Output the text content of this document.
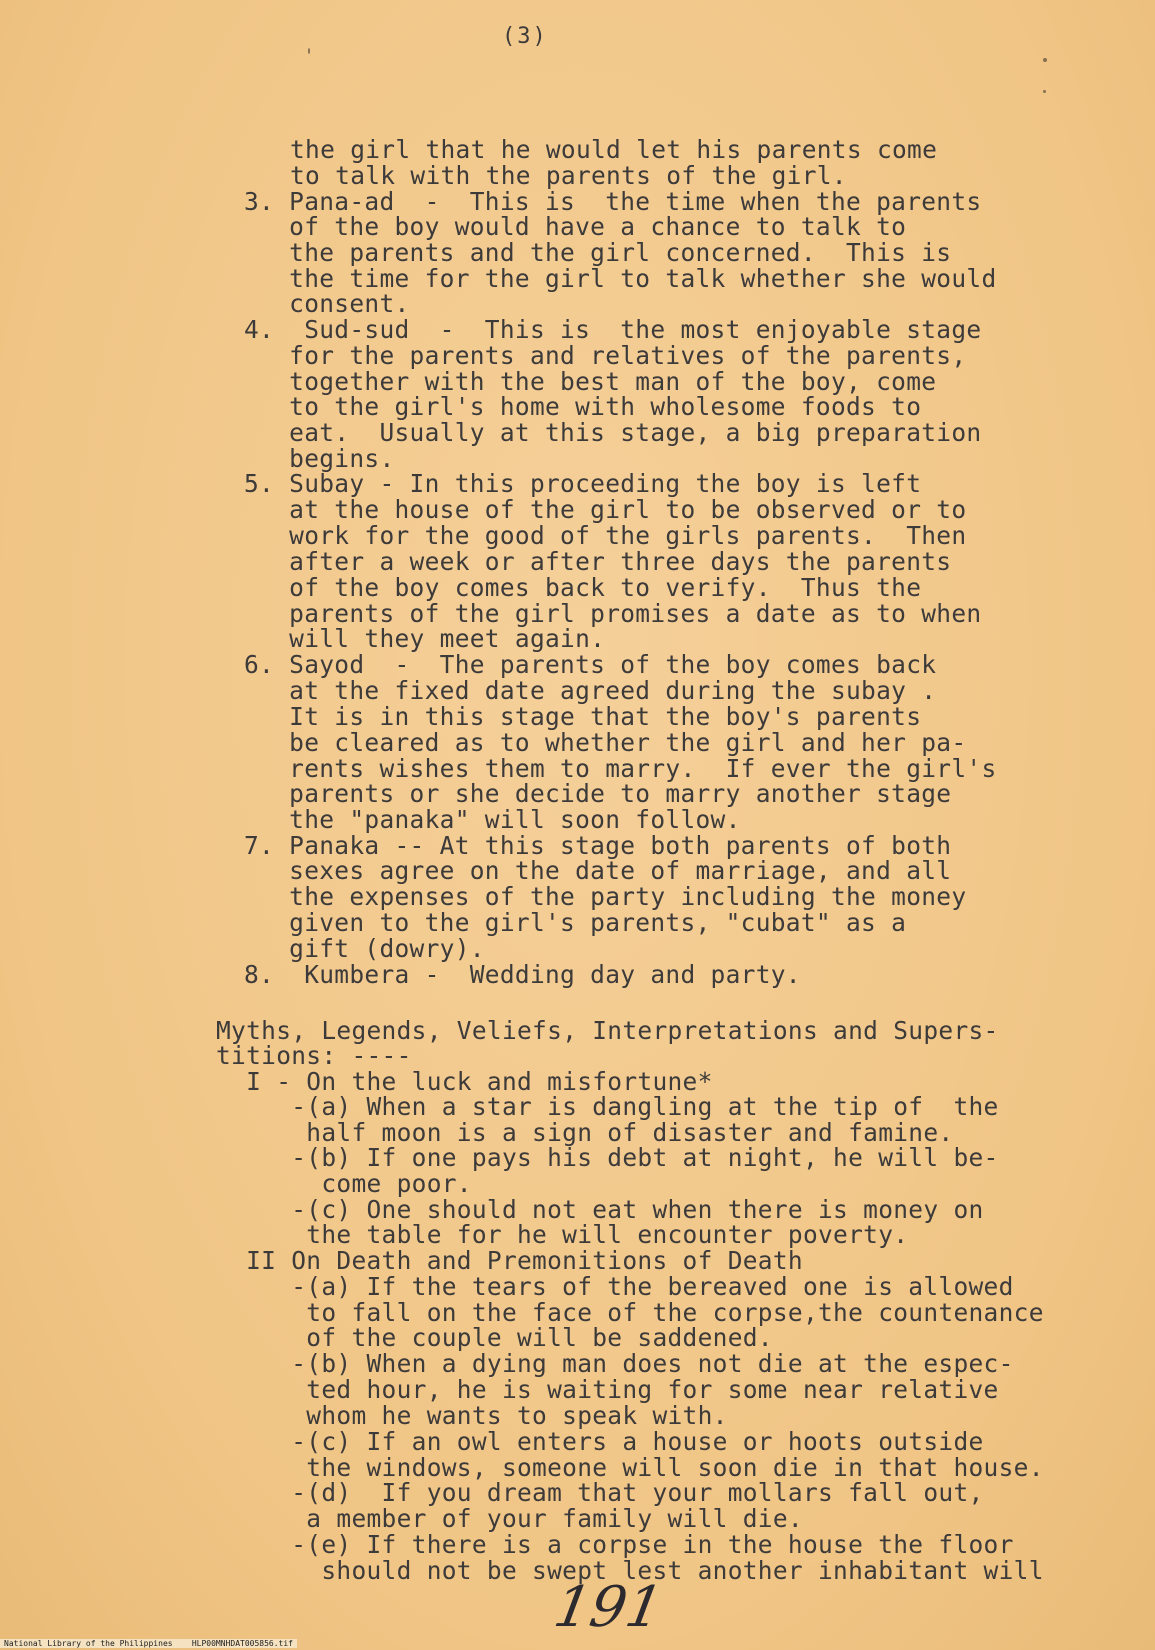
(3)
the girl that he would let his parents come
to talk with the parents of the girl.
3. Pana-ad  -  This is  the time when the parents
of the boy would have a chance to talk to
the parents and the girl concerned.  This is
the time for the girl to talk whether she would
consent.
4.  Sud-sud  -  This is  the most enjoyable stage
for the parents and relatives of the parents,
together with the best man of the boy, come
to the girl's home with wholesome foods to
eat.  Usually at this stage, a big preparation
begins.
5. Subay - In this proceeding the boy is left
at the house of the girl to be observed or to
work for the good of the girls parents.  Then
after a week or after three days the parents
of the boy comes back to verify.  Thus the
parents of the girl promises a date as to when
will they meet again.
6. Sayod  -  The parents of the boy comes back
at the fixed date agreed during the subay .
It is in this stage that the boy's parents
be cleared as to whether the girl and her pa-
rents wishes them to marry.  If ever the girl's
parents or she decide to marry another stage
the "panaka" will soon follow.
7. Panaka -- At this stage both parents of both
sexes agree on the date of marriage, and all
the expenses of the party including the money
given to the girl's parents, "cubat" as a
gift (dowry).
8.  Kumbera -  Wedding day and party.
Myths, Legends, Veliefs, Interpretations and Supers-
titions: ----
I - On the luck and misfortune*
-(a) When a star is dangling at the tip of  the
half moon is a sign of disaster and famine.
-(b) If one pays his debt at night, he will be-
come poor.
-(c) One should not eat when there is money on
the table for he will encounter poverty.
II On Death and Premonitions of Death
-(a) If the tears of the bereaved one is allowed
to fall on the face of the corpse,the countenance
of the couple will be saddened.
-(b) When a dying man does not die at the espec-
ted hour, he is waiting for some near relative
whom he wants to speak with.
-(c) If an owl enters a house or hoots outside
the windows, someone will soon die in that house.
-(d)  If you dream that your mollars fall out,
a member of your family will die.
-(e) If there is a corpse in the house the floor
should not be swept lest another inhabitant will
191
National Library of the Philippines    HLP00MNHDAT005856.tif
